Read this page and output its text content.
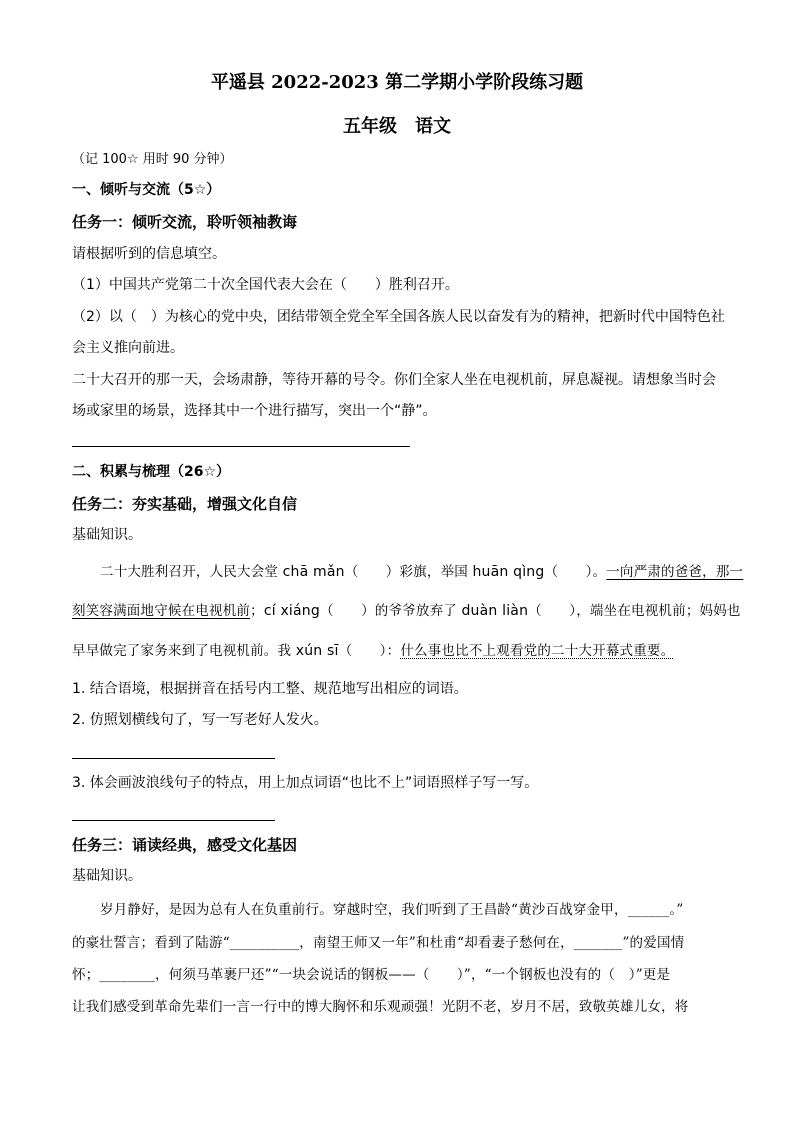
平遥县 2022-2023 第二学期小学阶段练习题
五年级　语文
（记 100☆ 用时 90 分钟）
一、倾听与交流（5☆）
任务一：倾听交流，聆听领袖教诲
请根据听到的信息填空。
（1）中国共产党第二十次全国代表大会在（　　）胜利召开。
（2）以（　）为核心的党中央，团结带领全党全军全国各族人民以奋发有为的精神，把新时代中国特色社
会主义推向前进。
二十大召开的那一天，会场肃静，等待开幕的号令。你们全家人坐在电视机前，屏息凝视。请想象当时会
场或家里的场景，选择其中一个进行描写，突出一个“静”。
二、积累与梳理（26☆）
任务二：夯实基础，增强文化自信
基础知识。
二十大胜利召开，人民大会堂 chā mǎn（　　）彩旗，举国 huān qìng（　　）。一向严肃的爸爸，那一
刻笑容满面地守候在电视机前；cí xiáng（　　）的爷爷放弃了 duàn liàn（　　），端坐在电视机前；妈妈也
早早做完了家务来到了电视机前。我 xún sī（　　）：什么事也比不上观看党的二十大开幕式重要。
1. 结合语境，根据拼音在括号内工整、规范地写出相应的词语。
2. 仿照划横线句了，写一写老好人发火。
3. 体会画波浪线句子的特点，用上加点词语“也比不上”词语照样子写一写。
任务三：诵读经典，感受文化基因
基础知识。
岁月静好，是因为总有人在负重前行。穿越时空，我们听到了王昌龄“黄沙百战穿金甲，______。”
的豪壮誓言；看到了陆游“__________，南望王师又一年”和杜甫“却看妻子愁何在，_______”的爱国情
怀；________，何须马革裹尸还”“一块会说话的钢板——（　　）”，“一个钢板也没有的（　）”更是
让我们感受到革命先辈们一言一行中的博大胸怀和乐观顽强！光阴不老，岁月不居，致敬英雄儿女，将
